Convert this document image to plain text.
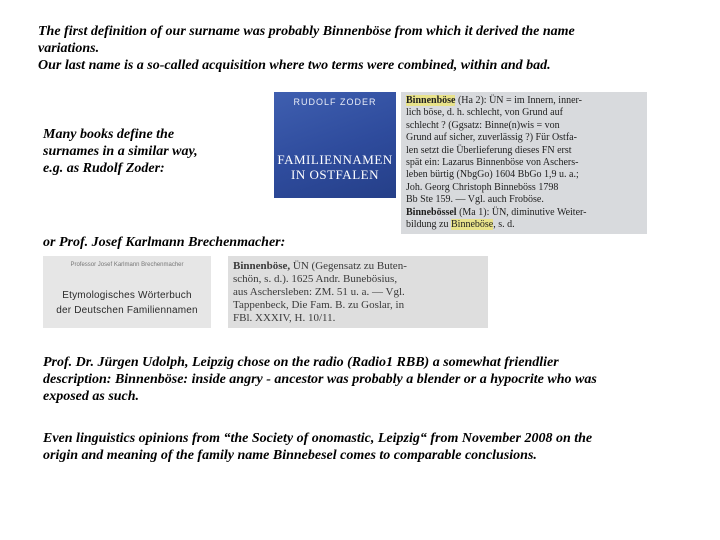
The first definition of our surname was probably Binnenböse from which it derived the name
variations.
Our last name is a so-called acquisition where two terms were combined, within and bad.
Many books define the
surnames in a similar way,
e.g. as Rudolf Zoder:
RUDOLF ZODER
FAMILIENNAMEN
IN OSTFALEN
Binnenböse (Ha 2): ÜN = im Innern, inner-
lich böse, d. h. schlecht, von Grund auf
schlecht ? (Ggsatz: Binne(n)wis = von
Grund auf sicher, zuverlässig ?) Für Ostfa-
len setzt die Überlieferung dieses FN erst
spät ein: Lazarus Binnenböse von Aschers-
leben bürtig (NbgGo) 1604 BbGo 1,9 u. a.;
Joh. Georg Christoph Binneböss 1798
Bb Ste 159. — Vgl. auch Froböse.
Binnebössel (Ma 1): ÜN, diminutive Weiter-
bildung zu Binneböse, s. d.
or Prof. Josef Karlmann Brechenmacher:
Professor Josef Karlmann Brechenmacher
Etymologisches Wörterbuch
der Deutschen Familiennamen
Binnenböse, ÜN (Gegensatz zu Buten-
schön, s. d.). 1625 Andr. Bunebösius,
aus Aschersleben: ZM. 51 u. a. — Vgl.
Tappenbeck, Die Fam. B. zu Goslar, in
FBl. XXXIV, H. 10/11.
Prof. Dr. Jürgen Udolph, Leipzig chose on the radio (Radio1 RBB) a somewhat friendlier
description: Binnenböse: inside angry - ancestor was probably a blender or a hypocrite who was
exposed as such.
Even linguistics opinions from “the Society of onomastic, Leipzig“ from November 2008 on the
origin and meaning of the family name Binnebesel comes to comparable conclusions.
